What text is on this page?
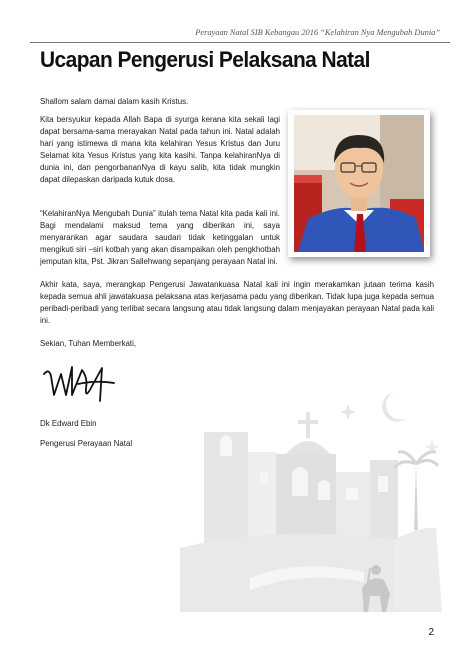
Perayaan Natal SIB Kebangau 2016 “Kelahiran Nya Mengubah Dunia”
Ucapan Pengerusi Pelaksana Natal

Shallom salam damai dalam kasih Kristus.

Kita bersyukur kepada Allah Bapa di syurga kerana kita sekali lagi dapat bersama-sama merayakan Natal pada tahun ini. Natal adalah hari yang istimewa di mana kita kelahiran Yesus Kristus dan Juru Selamat kita Yesus Kristus yang kita kasihi. Tanpa kelahiranNya di dunia ini, dan pengorbananNya di kayu salib, kita tidak mungkin dapat dilepaskan daripada kutuk dosa.

“KelahiranNya Mengubah Dunia” itulah tema Natal kita pada kali ini. Bagi mendalami maksud tema yang diberikan ini, saya menyarankan agar saudara saudari tidak ketinggalan untuk mengikuti siri –siri kotbah yang akan disampaikan oleh pengkhotbah jemputan kita, Pst. Jikran Sallehwang sepanjang perayaan Natal ini.

Akhir kata, saya, merangkap Pengerusi Jawatankuasa Natal kali ini ingin merakamkan jutaan terima kasih kepada semua ahli jawatakuasa pelaksana atas kerjasama padu yang diberikan. Tidak lupa juga kepada semua peribadi-peribadi yang terlibat secara langsung atau tidak langsung dalam menjayakan perayaan Natal pada kali ini.

Sekian, Tuhan Memberkati,

Dk Edward Ebin

Pengerusi Perayaan Natal

2
